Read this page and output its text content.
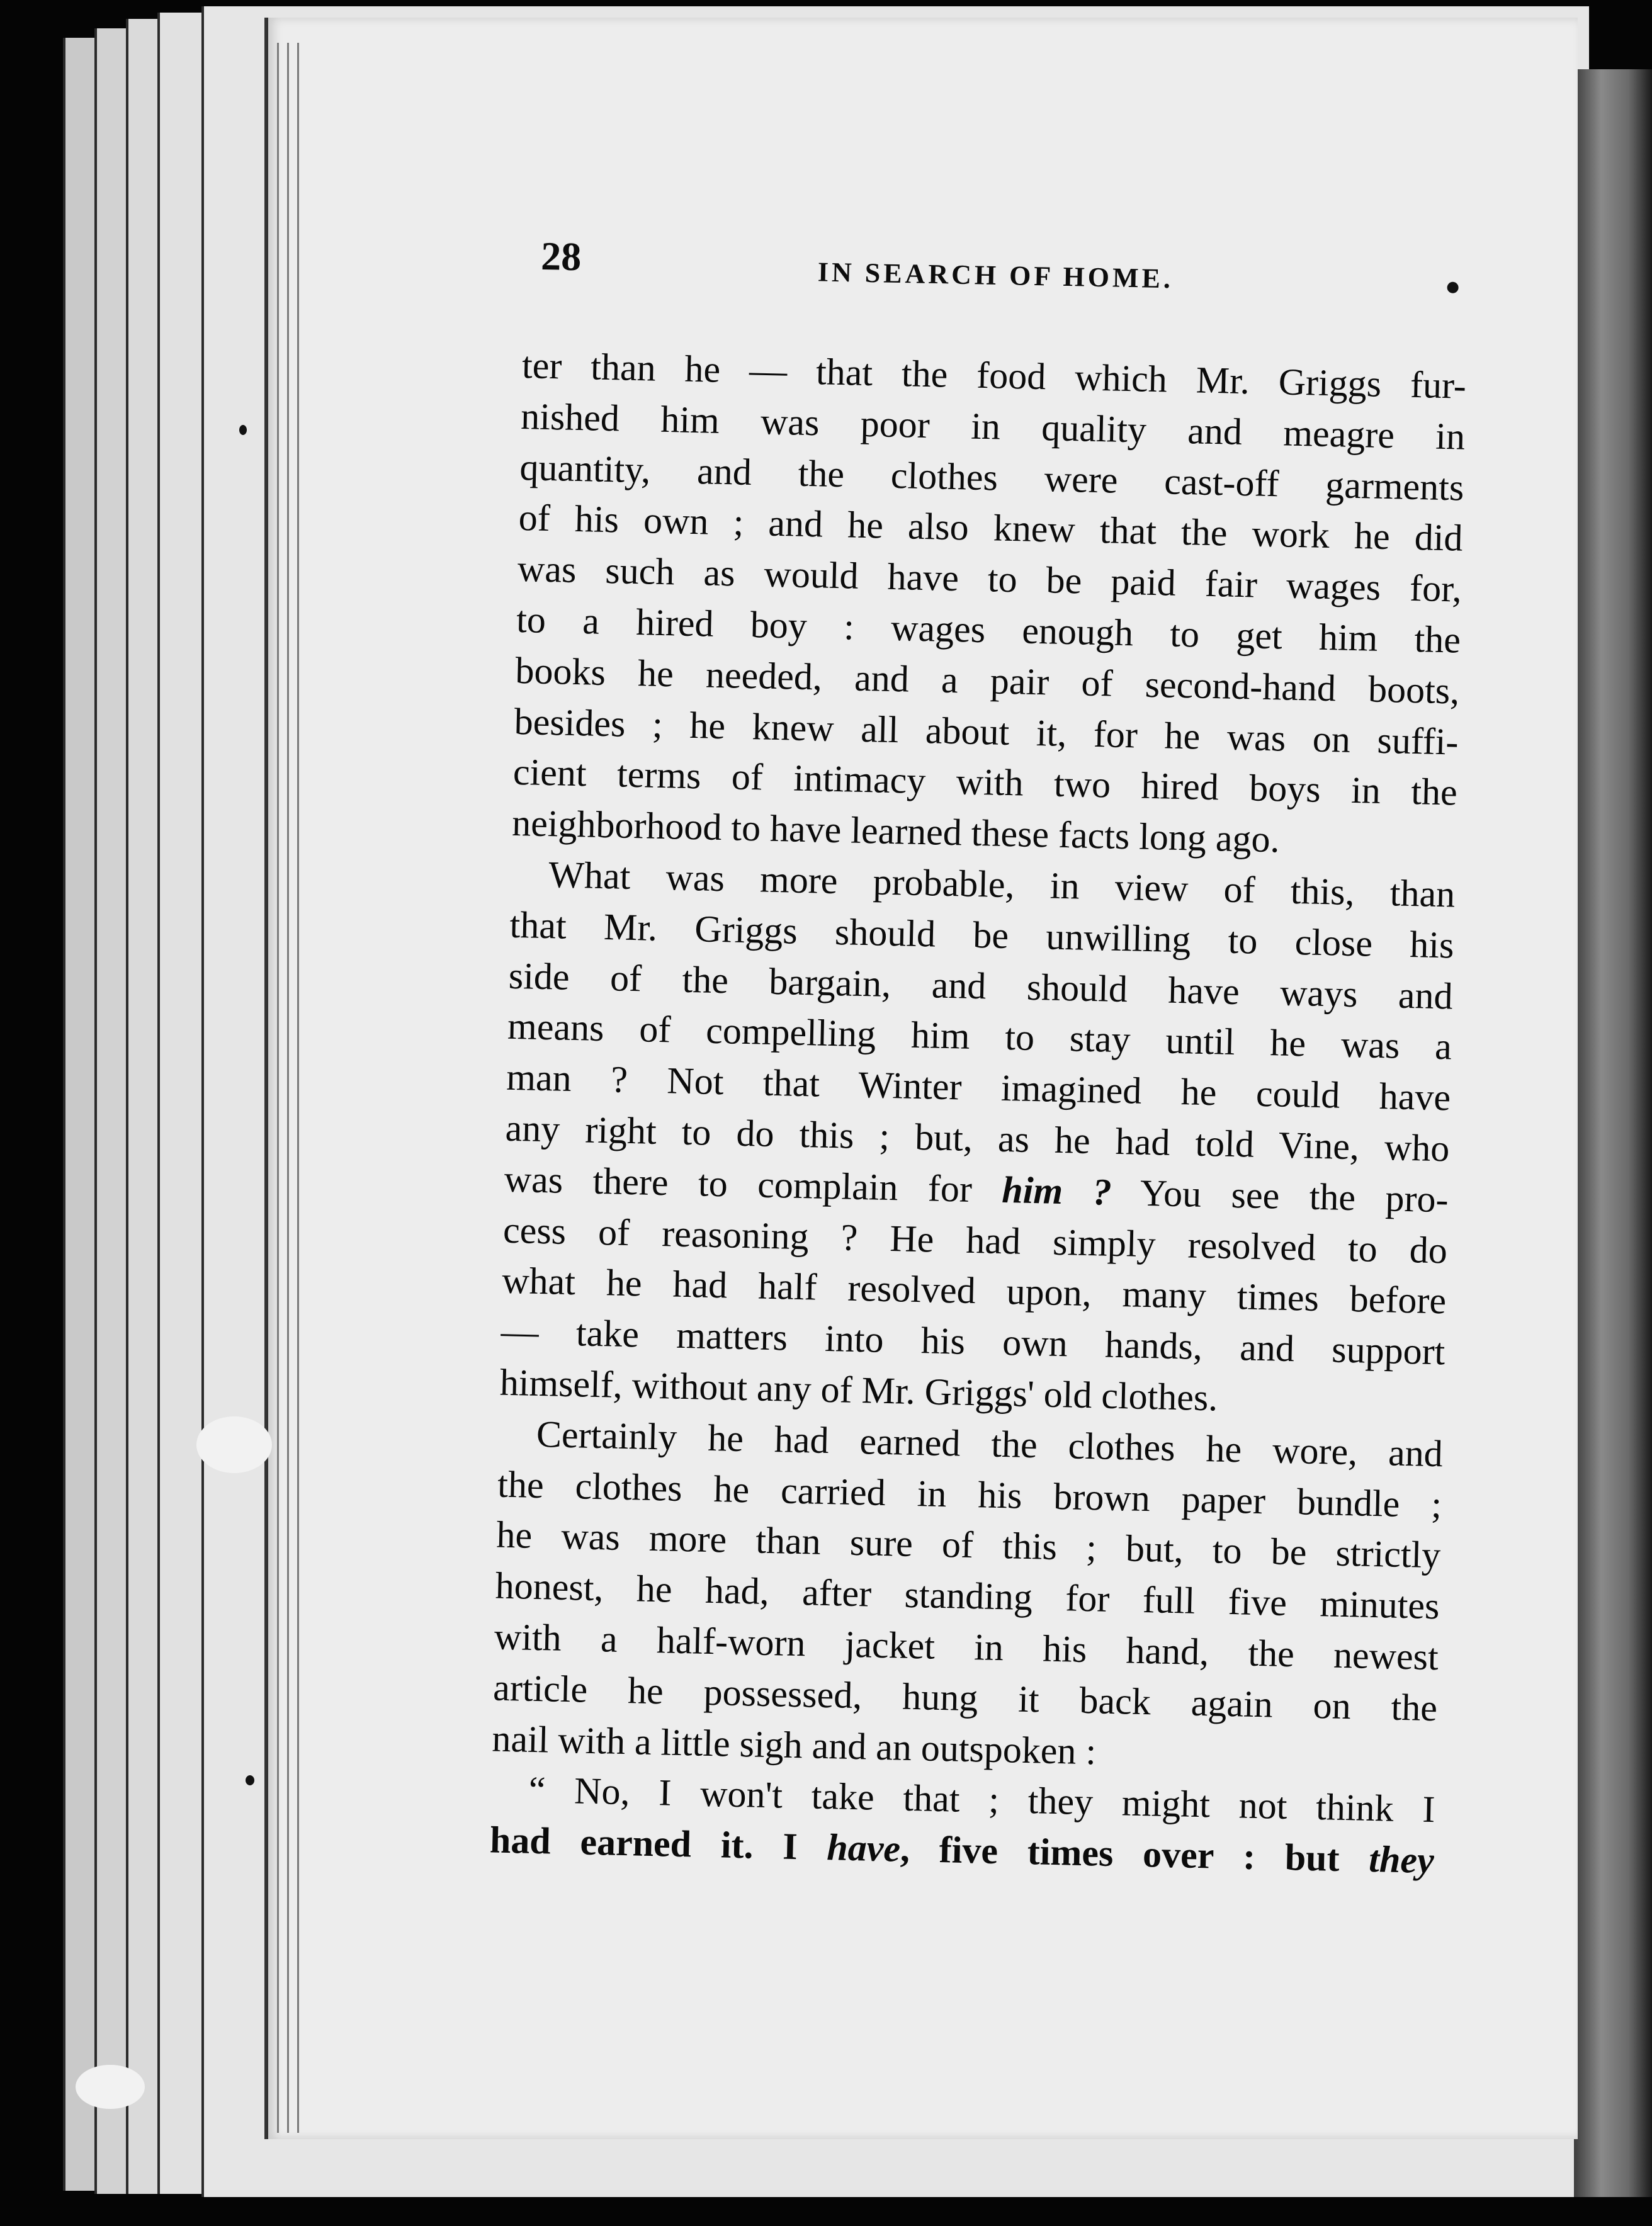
28	IN SEARCH OF HOME.
ter than he — that the food which Mr. Griggs fur-
nished him was poor in quality and meagre in
quantity, and the clothes were cast-off garments
of his own ; and he also knew that the work he did
was such as would have to be paid fair wages for,
to a hired boy : wages enough to get him the
books he needed, and a pair of second-hand boots,
besides ; he knew all about it, for he was on suffi-
cient terms of intimacy with two hired boys in the
neighborhood to have learned these facts long ago.
What was more probable, in view of this, than
that Mr. Griggs should be unwilling to close his
side of the bargain, and should have ways and
means of compelling him to stay until he was a
man ? Not that Winter imagined he could have
any right to do this ; but, as he had told Vine, who
was there to complain for him ? You see the pro-
cess of reasoning ? He had simply resolved to do
what he had half resolved upon, many times before
— take matters into his own hands, and support
himself, without any of Mr. Griggs' old clothes.
Certainly he had earned the clothes he wore, and
the clothes he carried in his brown paper bundle ;
he was more than sure of this ; but, to be strictly
honest, he had, after standing for full five minutes
with a half-worn jacket in his hand, the newest
article he possessed, hung it back again on the
nail with a little sigh and an outspoken :
“ No, I won't take that ; they might not think I
had earned it. I have, five times over : but they
